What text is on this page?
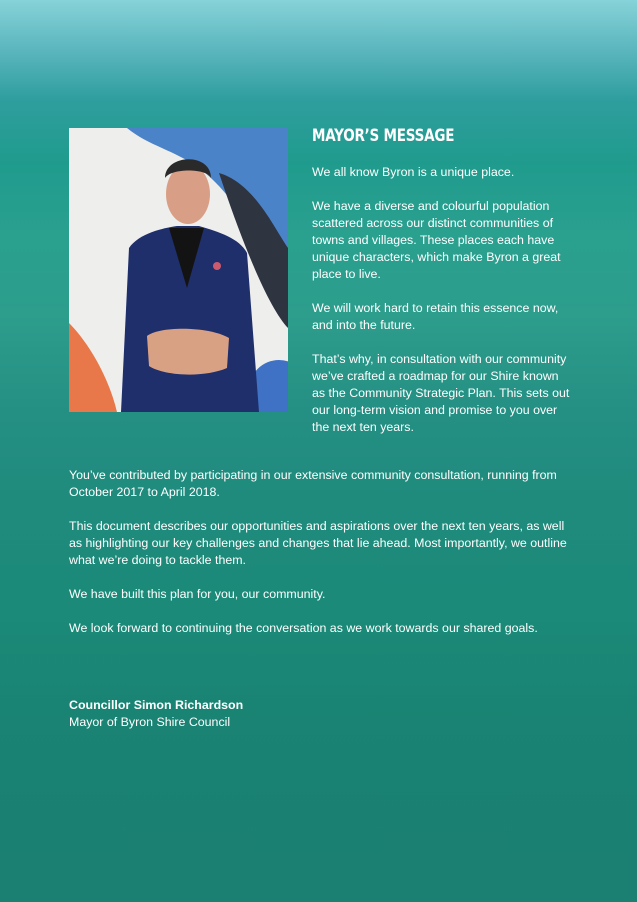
MAYOR’S MESSAGE

We all know Byron is a unique place.

We have a diverse and colourful population scattered across our distinct communities of towns and villages. These places each have unique characters, which make Byron a great place to live.

We will work hard to retain this essence now, and into the future.

That’s why, in consultation with our community we’ve crafted a roadmap for our Shire known as the Community Strategic Plan. This sets out our long-term vision and promise to you over the next ten years.

You’ve contributed by participating in our extensive community consultation, running from October 2017 to April 2018.

This document describes our opportunities and aspirations over the next ten years, as well as highlighting our key challenges and changes that lie ahead. Most importantly, we outline what we’re doing to tackle them.

We have built this plan for you, our community.

We look forward to continuing the conversation as we work towards our shared goals.

Councillor Simon Richardson
Mayor of Byron Shire Council
